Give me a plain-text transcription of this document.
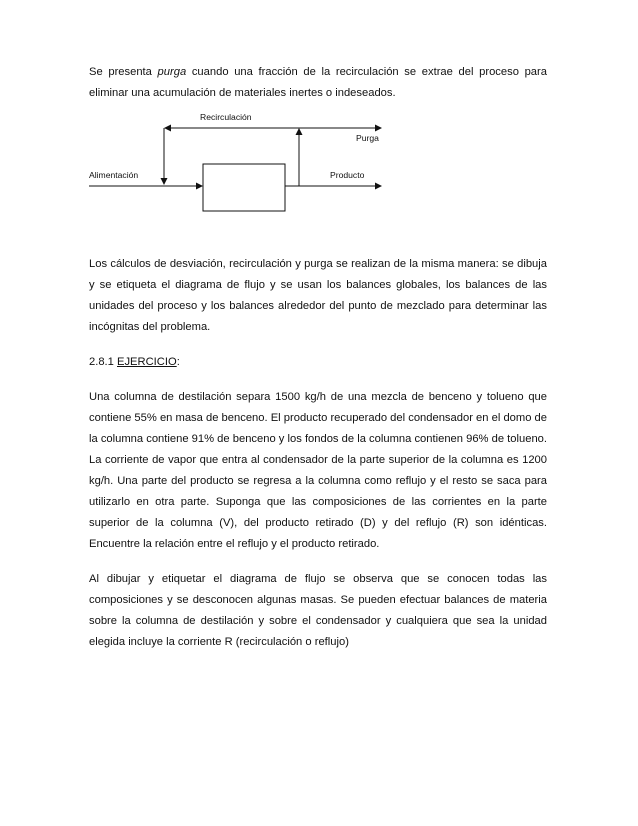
Se presenta purga cuando una fracción de la recirculación se extrae del proceso para eliminar una acumulación de materiales inertes o indeseados.

Recirculación
Purga
Alimentación	Producto

Los cálculos de desviación, recirculación y purga se realizan de la misma manera: se dibuja y se etiqueta el diagrama de flujo y se usan los balances globales, los balances de las unidades del proceso y los balances alrededor del punto de mezclado para determinar las incógnitas del problema.

2.8.1 EJERCICIO:

Una columna de destilación separa 1500 kg/h de una mezcla de benceno y tolueno que contiene 55% en masa de benceno. El producto recuperado del condensador en el domo de la columna contiene 91% de benceno y los fondos de la columna contienen 96% de tolueno. La corriente de vapor que entra al condensador de la parte superior de la columna es 1200 kg/h. Una parte del producto se regresa a la columna como reflujo y el resto se saca para utilizarlo en otra parte. Suponga que las composiciones de las corrientes en la parte superior de la columna (V), del producto retirado (D) y del reflujo (R) son idénticas. Encuentre la relación entre el reflujo y el producto retirado.

Al dibujar y etiquetar el diagrama de flujo se observa que se conocen todas las composiciones y se desconocen algunas masas. Se pueden efectuar balances de materia sobre la columna de destilación y sobre el condensador y cualquiera que sea la unidad elegida incluye la corriente R (recirculación o reflujo)
